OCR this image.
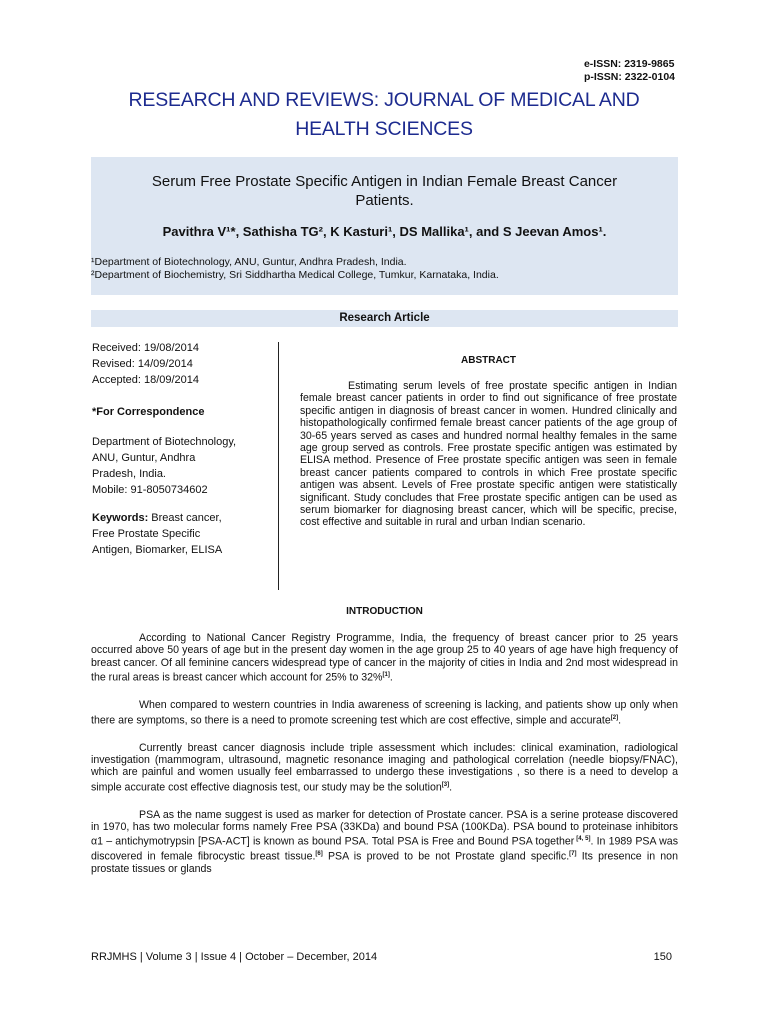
e-ISSN: 2319-9865
p-ISSN: 2322-0104
RESEARCH AND REVIEWS: JOURNAL OF MEDICAL AND
HEALTH SCIENCES
Serum Free Prostate Specific Antigen in Indian Female Breast Cancer
Patients.
Pavithra V¹*, Sathisha TG², K Kasturi¹, DS Mallika¹, and S Jeevan Amos¹.
¹Department of Biotechnology, ANU, Guntur, Andhra Pradesh, India.
²Department of Biochemistry, Sri Siddhartha Medical College, Tumkur, Karnataka, India.
Research Article

Received: 19/08/2014

Revised: 14/09/2014

Accepted: 18/09/2014

*For Correspondence

Department of Biotechnology,

ANU, Guntur, Andhra

Pradesh, India.

Mobile: 91-8050734602

Keywords: Breast cancer,

Free Prostate Specific

Antigen, Biomarker, ELISA

ABSTRACT

Estimating serum levels of free prostate specific antigen in Indian female breast cancer patients in order to find out significance of free prostate specific antigen in diagnosis of breast cancer in women. Hundred clinically and histopathologically confirmed female breast cancer patients of the age group of 30-65 years served as cases and hundred normal healthy females in the same age group served as controls. Free prostate specific antigen was estimated by ELISA method. Presence of Free prostate specific antigen was seen in female breast cancer patients compared to controls in which Free prostate specific antigen was absent. Levels of Free prostate specific antigen were statistically significant. Study concludes that Free prostate specific antigen can be used as serum biomarker for diagnosing breast cancer, which will be specific, precise, cost effective and suitable in rural and urban Indian scenario.

INTRODUCTION

According to National Cancer Registry Programme, India, the frequency of breast cancer prior to 25 years occurred above 50 years of age but in the present day women in the age group 25 to 40 years of age have high frequency of breast cancer. Of all feminine cancers widespread type of cancer in the majority of cities in India and 2nd most widespread in the rural areas is breast cancer which account for 25% to 32%[1].

When compared to western countries in India awareness of screening is lacking, and patients show up only when there are symptoms, so there is a need to promote screening test which are cost effective, simple and accurate[2].

Currently breast cancer diagnosis include triple assessment which includes: clinical examination, radiological investigation (mammogram, ultrasound, magnetic resonance imaging and pathological correlation (needle biopsy/FNAC), which are painful and women usually feel embarrassed to undergo these investigations , so there is a need to develop a simple accurate cost effective diagnosis test, our study may be the solution[3].

PSA as the name suggest is used as marker for detection of Prostate cancer. PSA is a serine protease discovered in 1970, has two molecular forms namely Free PSA (33KDa) and bound PSA (100KDa). PSA bound to proteinase inhibitors α1 – antichymotrypsin [PSA-ACT] is known as bound PSA. Total PSA is Free and Bound PSA together [4, 5]. In 1989 PSA was discovered in female fibrocystic breast tissue.[6] PSA is proved to be not Prostate gland specific.[7] Its presence in non prostate tissues or glands

RRJMHS | Volume 3 | Issue 4 | October – December, 2014	150
